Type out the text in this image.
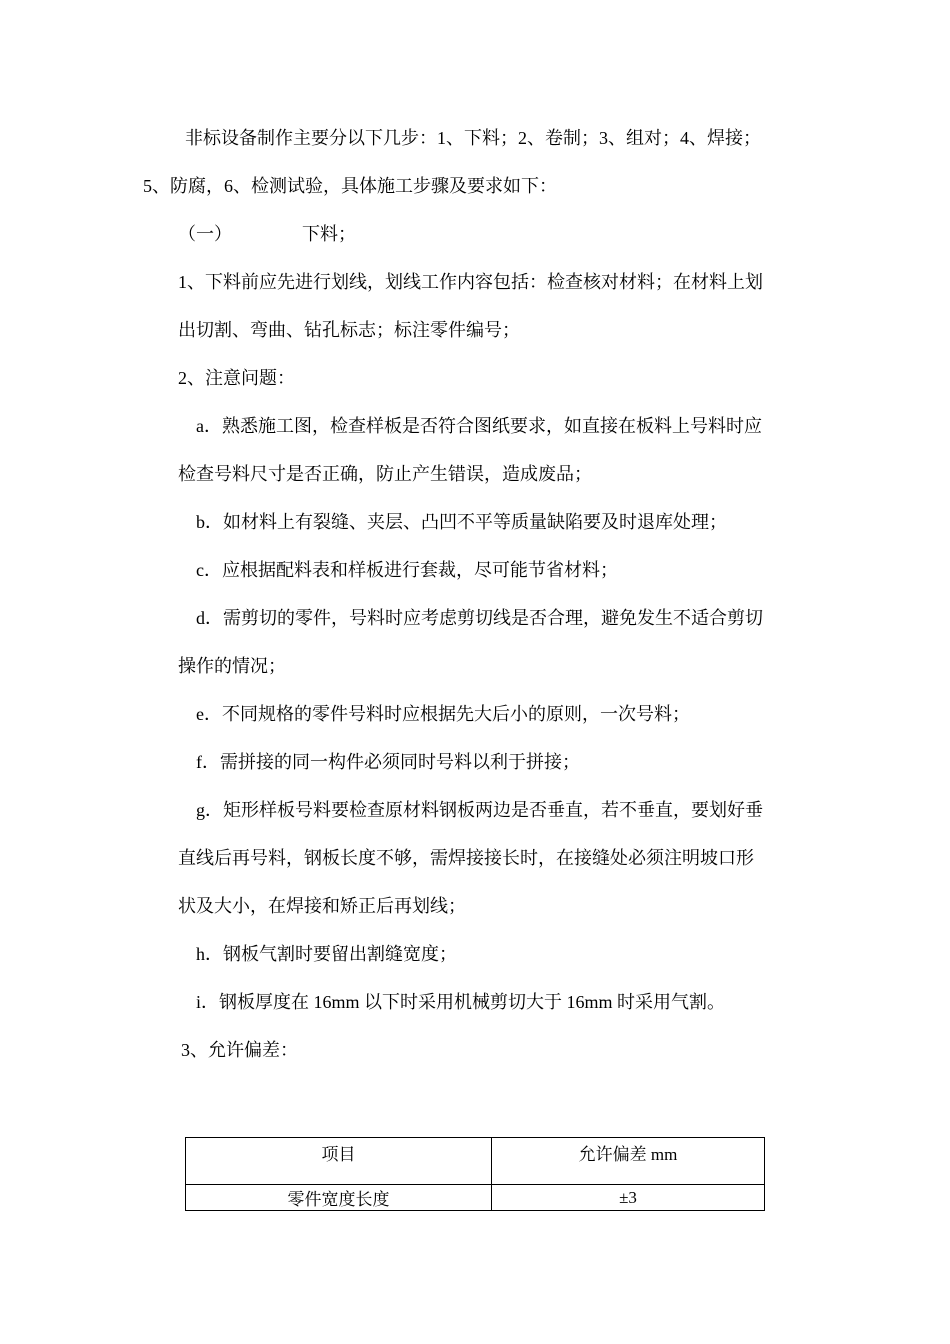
非标设备制作主要分以下几步：1、下料；2、卷制；3、组对；4、焊接；
5、防腐，6、检测试验，具体施工步骤及要求如下：
（一）	下料；
1、下料前应先进行划线，划线工作内容包括：检查核对材料；在材料上划
出切割、弯曲、钻孔标志；标注零件编号；
2、注意问题：
a．熟悉施工图，检查样板是否符合图纸要求，如直接在板料上号料时应
检查号料尺寸是否正确，防止产生错误，造成废品；
b．如材料上有裂缝、夹层、凸凹不平等质量缺陷要及时退库处理；
c．应根据配料表和样板进行套裁，尽可能节省材料；
d．需剪切的零件，号料时应考虑剪切线是否合理，避免发生不适合剪切
操作的情况；
e．不同规格的零件号料时应根据先大后小的原则，一次号料；
f．需拼接的同一构件必须同时号料以利于拼接；
g．矩形样板号料要检查原材料钢板两边是否垂直，若不垂直，要划好垂
直线后再号料，钢板长度不够，需焊接接长时，在接缝处必须注明坡口形
状及大小，在焊接和矫正后再划线；
h．钢板气割时要留出割缝宽度；
i．钢板厚度在 16mm 以下时采用机械剪切大于 16mm 时采用气割。
3、允许偏差：
项目	允许偏差 mm
零件宽度长度	±3
